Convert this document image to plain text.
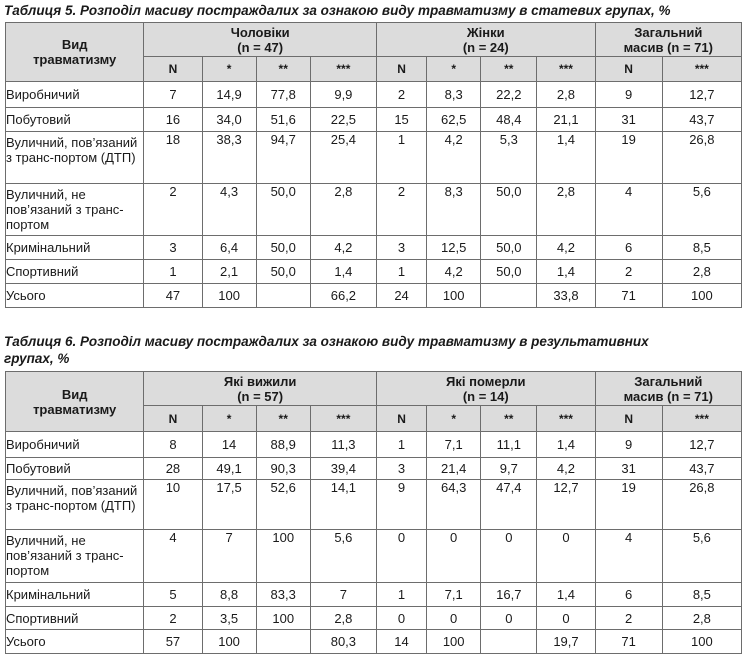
Таблиця 5. Розподіл масиву постраждалих за ознакою виду травматизму в статевих групах, %
Вид травматизму	Чоловіки
(n = 47)				Жінки
(n = 24)				Загальний
масив (n = 71)	

	N	*	**	***	N	*	**	***	N	***
Виробничий	7	14,9	77,8	9,9	2	8,3	22,2	2,8	9	12,7
Побутовий	16	34,0	51,6	22,5	15	62,5	48,4	21,1	31	43,7
Вуличний, пов’язаний з транс-портом (ДТП)	18	38,3	94,7	25,4	1	4,2	5,3	1,4	19	26,8
Вуличний, не пов’язаний з транс-портом	2	4,3	50,0	2,8	2	8,3	50,0	2,8	4	5,6
Кримінальний	3	6,4	50,0	4,2	3	12,5	50,0	4,2	6	8,5
Спортивний	1	2,1	50,0	1,4	1	4,2	50,0	1,4	2	2,8
Усього	47	100		66,2	24	100		33,8	71	100
Таблиця 6. Розподіл масиву постраждалих за ознакою виду травматизму в результативних групах, %
Вид травматизму	Які вижили
(n = 57)				Які померли
(n = 14)				Загальний
масив (n = 71)	

	N	*	**	***	N	*	**	***	N	***
Виробничий	8	14	88,9	11,3	1	7,1	11,1	1,4	9	12,7
Побутовий	28	49,1	90,3	39,4	3	21,4	9,7	4,2	31	43,7
Вуличний, пов’язаний з транс-портом (ДТП)	10	17,5	52,6	14,1	9	64,3	47,4	12,7	19	26,8
Вуличний, не пов’язаний з транс-портом	4	7	100	5,6	0	0	0	0	4	5,6
Кримінальний	5	8,8	83,3	7	1	7,1	16,7	1,4	6	8,5
Спортивний	2	3,5	100	2,8	0	0	0	0	2	2,8
Усього	57	100		80,3	14	100		19,7	71	100
